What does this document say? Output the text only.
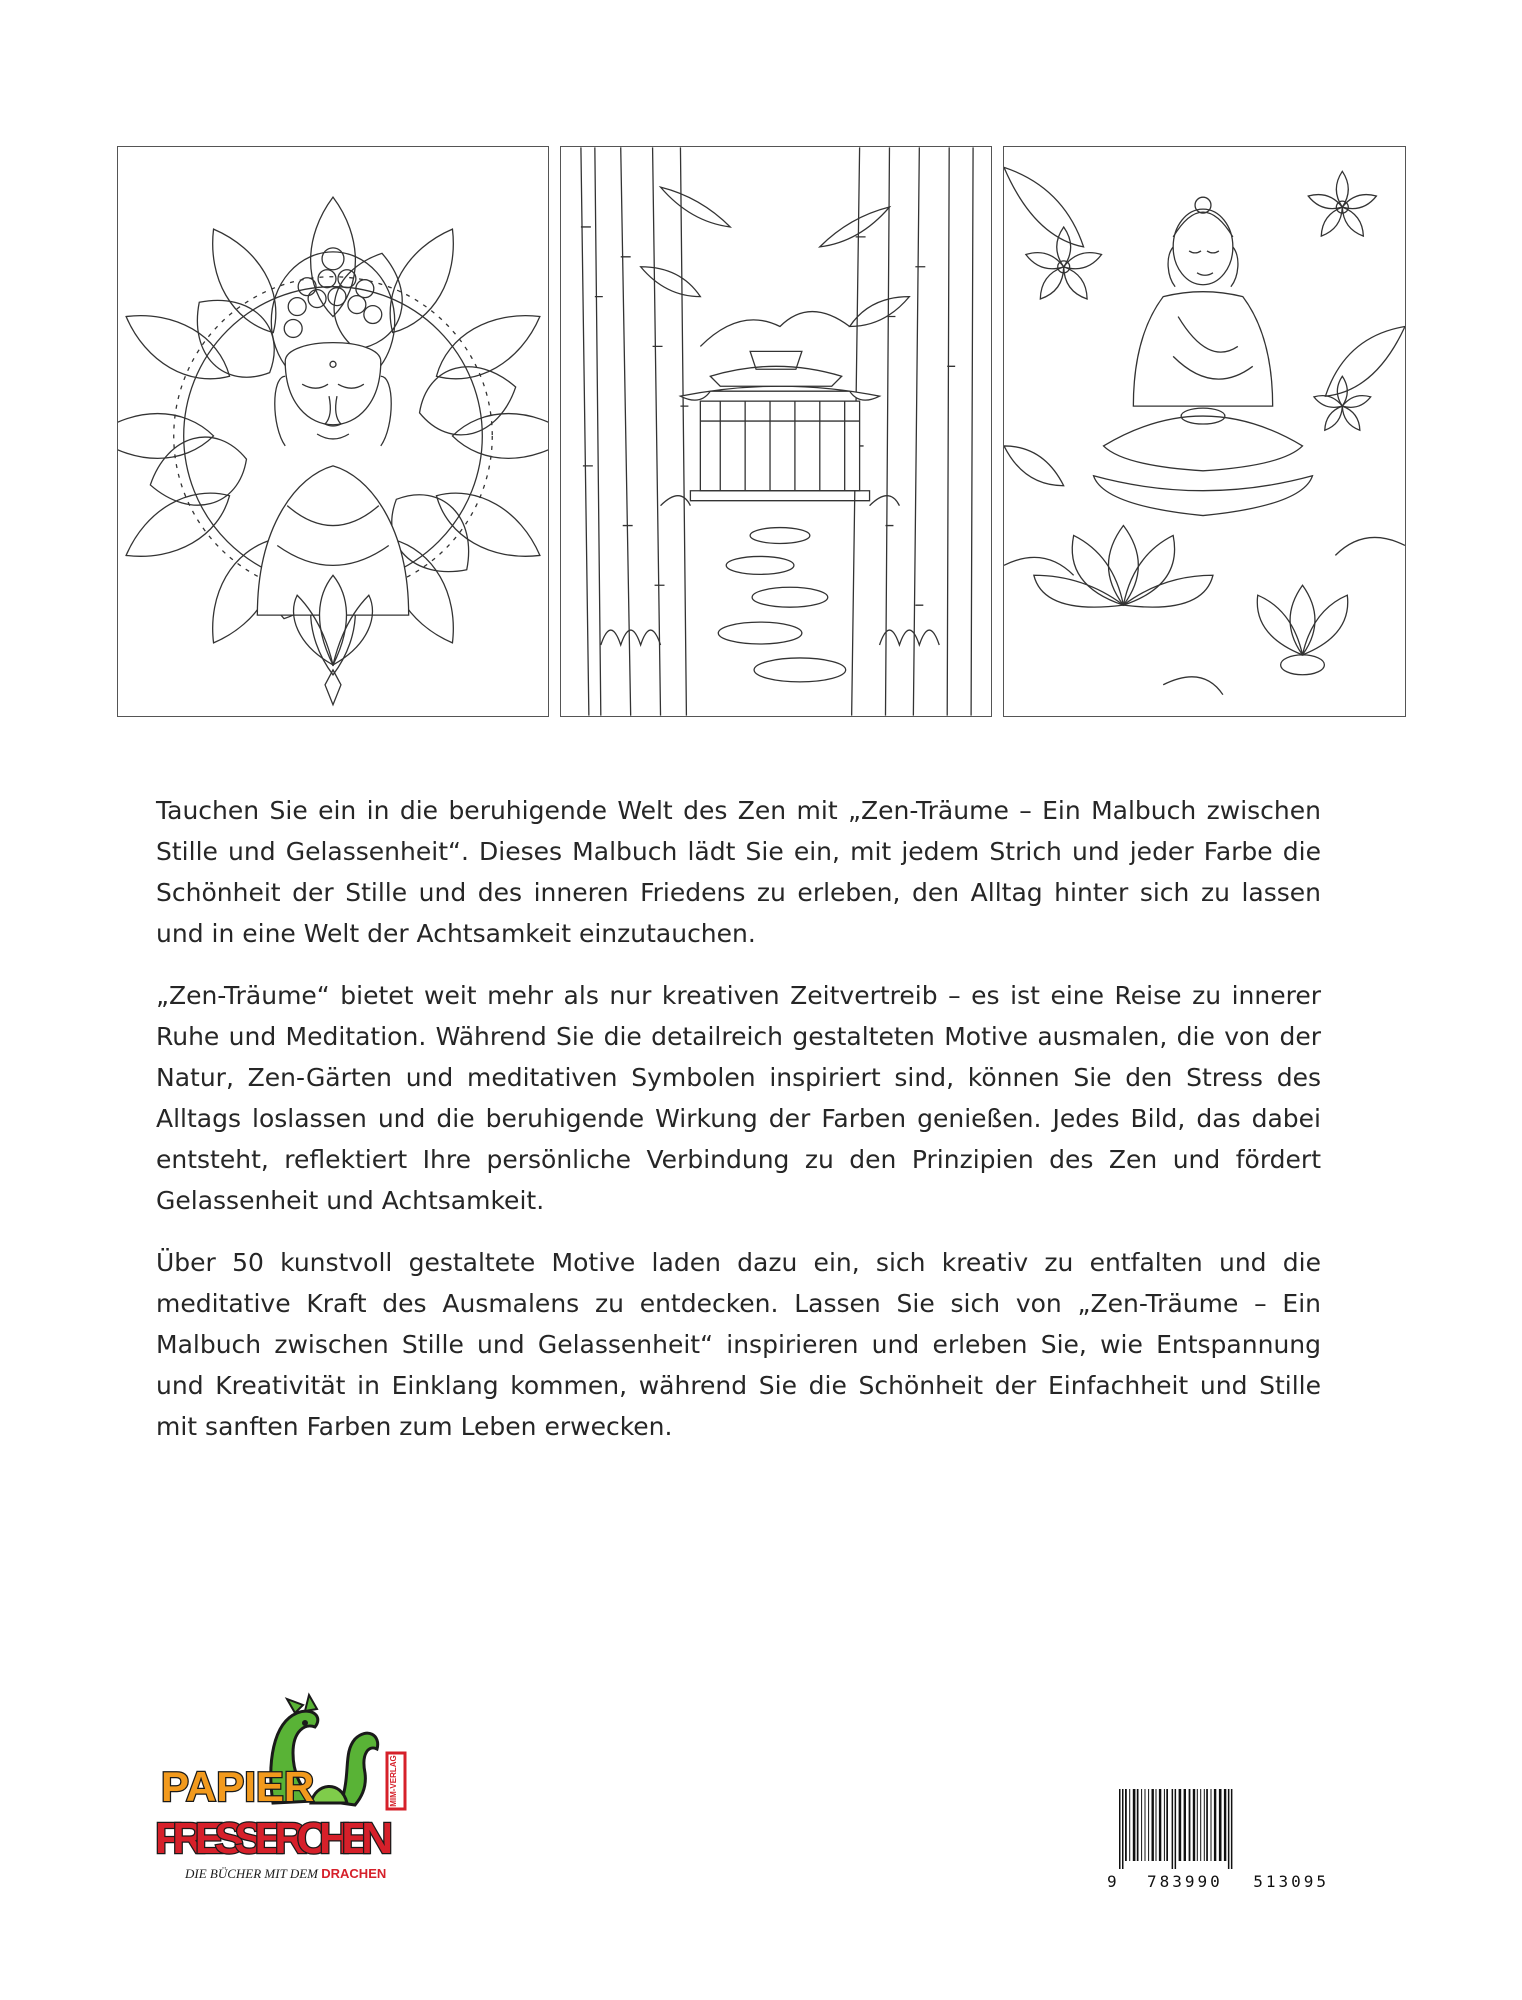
Tauchen Sie ein in die beruhigende Welt des Zen mit „Zen-Träume – Ein Malbuch zwischen Stille und Gelassenheit“. Dieses Malbuch lädt Sie ein, mit jedem Strich und jeder Farbe die Schönheit der Stille und des inneren Friedens zu erleben, den Alltag hinter sich zu lassen und in eine Welt der Achtsamkeit einzutauchen.

„Zen-Träume“ bietet weit mehr als nur kreativen Zeitvertreib – es ist eine Reise zu innerer Ruhe und Meditation. Während Sie die detailreich gestalteten Motive ausmalen, die von der Natur, Zen-Gärten und meditativen Symbolen inspiriert sind, können Sie den Stress des Alltags loslassen und die beruhigende Wirkung der Farben genießen. Jedes Bild, das dabei entsteht, reflektiert Ihre persönliche Verbindung zu den Prinzipien des Zen und fördert Gelassenheit und Achtsamkeit.

Über 50 kunstvoll gestaltete Motive laden dazu ein, sich kreativ zu entfalten und die meditative Kraft des Ausmalens zu entdecken. Lassen Sie sich von „Zen-Träume – Ein Malbuch zwischen Stille und Gelassenheit“ inspirieren und erleben Sie, wie Entspannung und Kreativität in Einklang kommen, während Sie die Schönheit der Einfachheit und Stille mit sanften Farben zum Leben erwecken.

MIM-VERLAG
PAPIER
FRESSERCHEN
DIE BÜCHER MIT DEM DRACHEN	9 783990 513095
